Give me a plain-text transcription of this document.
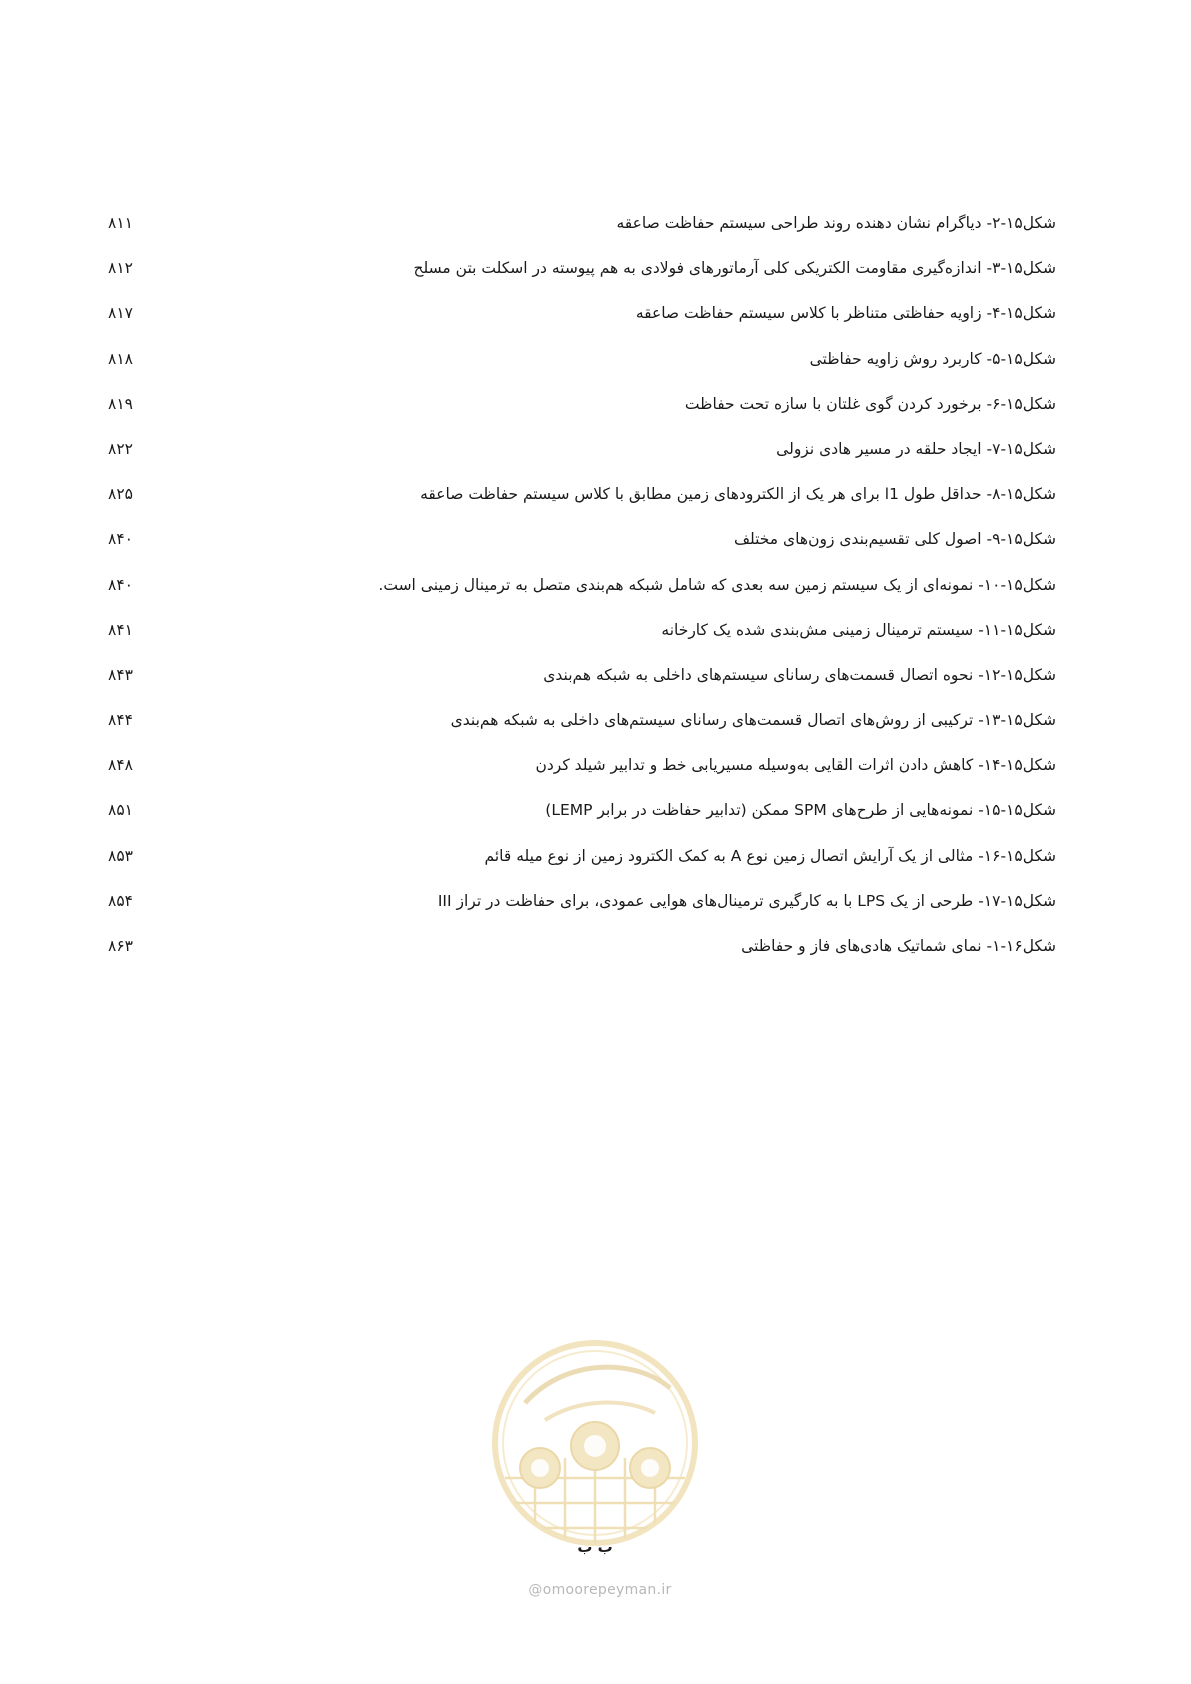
شکل۱۵-۲- دیاگرام نشان دهنده روند طراحی سیستم حفاظت صاعقه
۸۱۱
شکل۱۵-۳- اندازه‌گیری مقاومت الکتریکی کلی آرماتورهای فولادی به هم پیوسته در اسکلت بتن مسلح
۸۱۲
شکل۱۵-۴- زاویه حفاظتی متناظر با کلاس سیستم حفاظت صاعقه
۸۱۷
شکل۱۵-۵- کاربرد روش زاویه حفاظتی
۸۱۸
شکل۱۵-۶- برخورد کردن گوی غلتان با سازه تحت حفاظت
۸۱۹
شکل۱۵-۷- ایجاد حلقه در مسیر هادی نزولی
۸۲۲
شکل۱۵-۸- حداقل طول l1 برای هر یک از الکترودهای زمین مطابق با کلاس سیستم حفاظت صاعقه
۸۲۵
شکل۱۵-۹- اصول کلی تقسیم‌بندی زون‌های مختلف
۸۴۰
شکل۱۵-۱۰- نمونه‌ای از یک سیستم زمین سه بعدی که شامل شبکه هم‌بندی متصل به ترمینال زمینی است.
۸۴۰
شکل۱۵-۱۱- سیستم ترمینال زمینی مش‌بندی شده یک کارخانه
۸۴۱
شکل۱۵-۱۲- نحوه اتصال قسمت‌های رسانای سیستم‌های داخلی به شبکه هم‌بندی
۸۴۳
شکل۱۵-۱۳- ترکیبی از روش‌های اتصال قسمت‌های رسانای سیستم‌های داخلی به شبکه هم‌بندی
۸۴۴
شکل۱۵-۱۴- کاهش دادن اثرات القایی به‌وسیله مسیریابی خط و تدابیر شیلد کردن
۸۴۸
شکل۱۵-۱۵- نمونه‌هایی از طرح‌های SPM ممکن (تدابیر حفاظت در برابر LEMP)
۸۵۱
شکل۱۵-۱۶- مثالی از یک آرایش اتصال زمین نوع A به کمک الکترود زمین از نوع میله قائم
۸۵۳
شکل۱۵-۱۷- طرحی از یک LPS با به کارگیری ترمینال‌های هوایی عمودی، برای حفاظت در تراز III
۸۵۴
شکل۱۶-۱- نمای شماتیک هادی‌های فاز و حفاظتی
۸۶۳
ب ب
@omoorepeyman.ir
